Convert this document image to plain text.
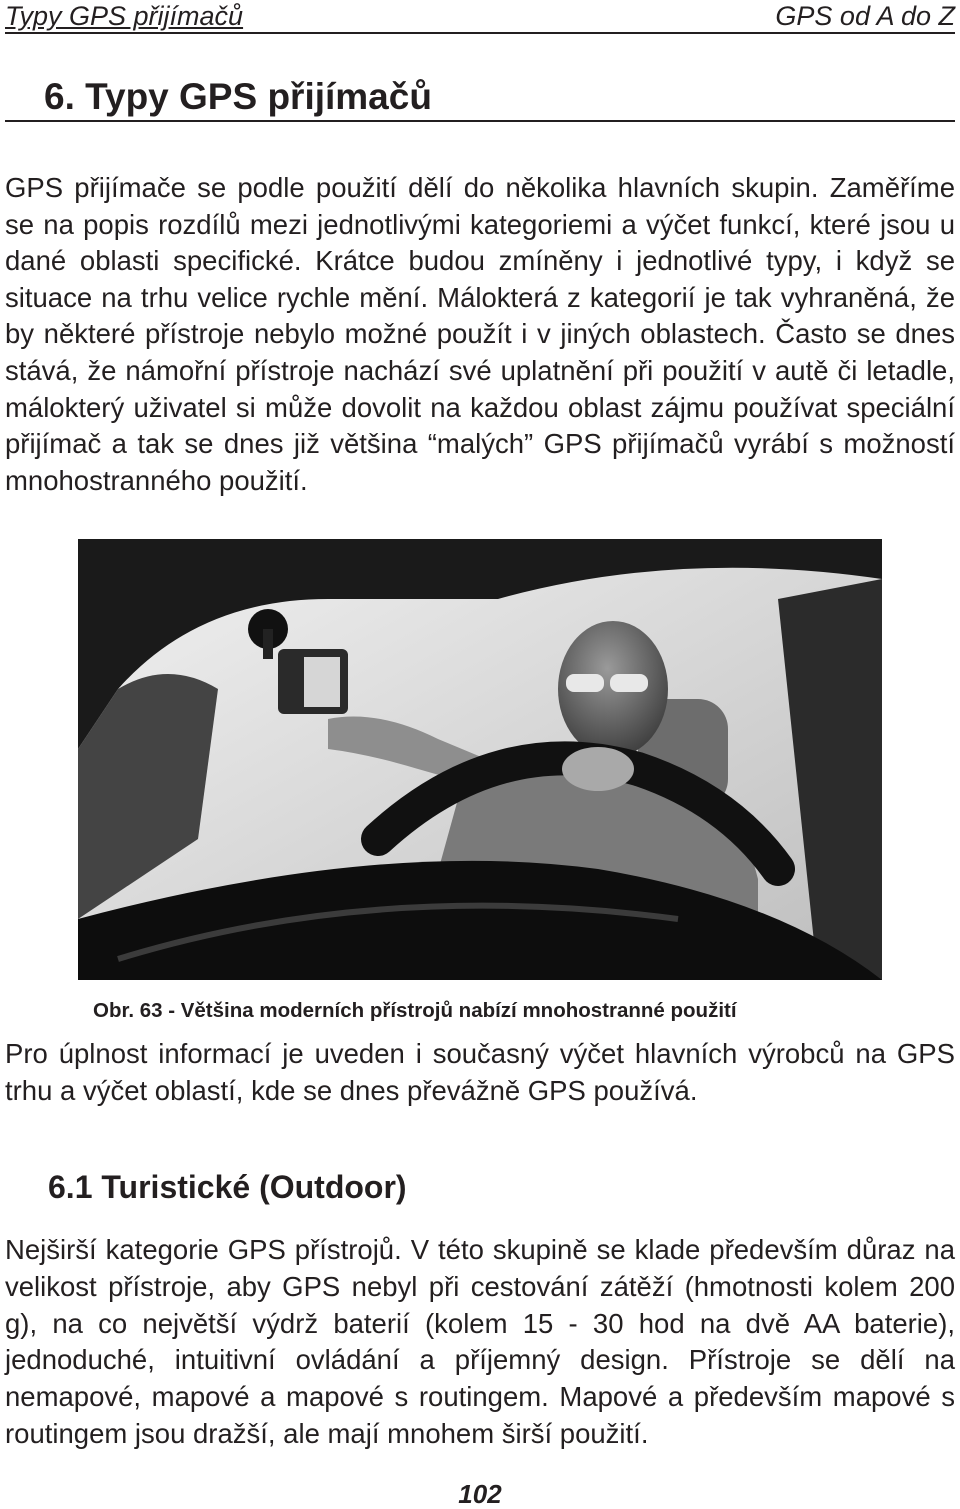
Typy GPS přijímačů	GPS od A do Z
6. Typy GPS přijímačů

GPS přijímače se podle použití dělí do několika hlavních skupin. Zaměříme se na popis rozdílů mezi jednotlivými kategoriemi a výčet funkcí, které jsou u dané oblasti specifické. Krátce budou zmíněny i jednotlivé typy, i když se situace na trhu velice rychle mění. Málokterá z kategorií je tak vyhraněná, že by některé přístroje nebylo možné použít i v jiných oblastech. Často se dnes stává, že námořní přístroje nachází své uplatnění při použití v autě či letadle, málokterý uživatel si může dovolit na každou oblast zájmu používat speciální přijímač a tak se dnes již většina “malých” GPS přijímačů vyrábí s možností mnohostranného použití.

Obr. 63 - Většina moderních přístrojů nabízí mnohostranné použití

Pro úplnost informací je uveden i současný výčet hlavních výrobců na GPS trhu a výčet oblastí, kde se dnes převážně GPS používá.

6.1 Turistické (Outdoor)

Nejširší kategorie GPS přístrojů. V této skupině se klade především důraz na velikost přístroje, aby GPS nebyl při cestování zátěží (hmotnosti kolem 200 g), na co největší výdrž baterií (kolem 15 - 30 hod na dvě AA baterie), jednoduché, intuitivní ovládání a příjemný design. Přístroje se dělí na nemapové, mapové a mapové s routingem. Mapové a především mapové s routingem jsou dražší, ale mají mnohem širší použití.

102
